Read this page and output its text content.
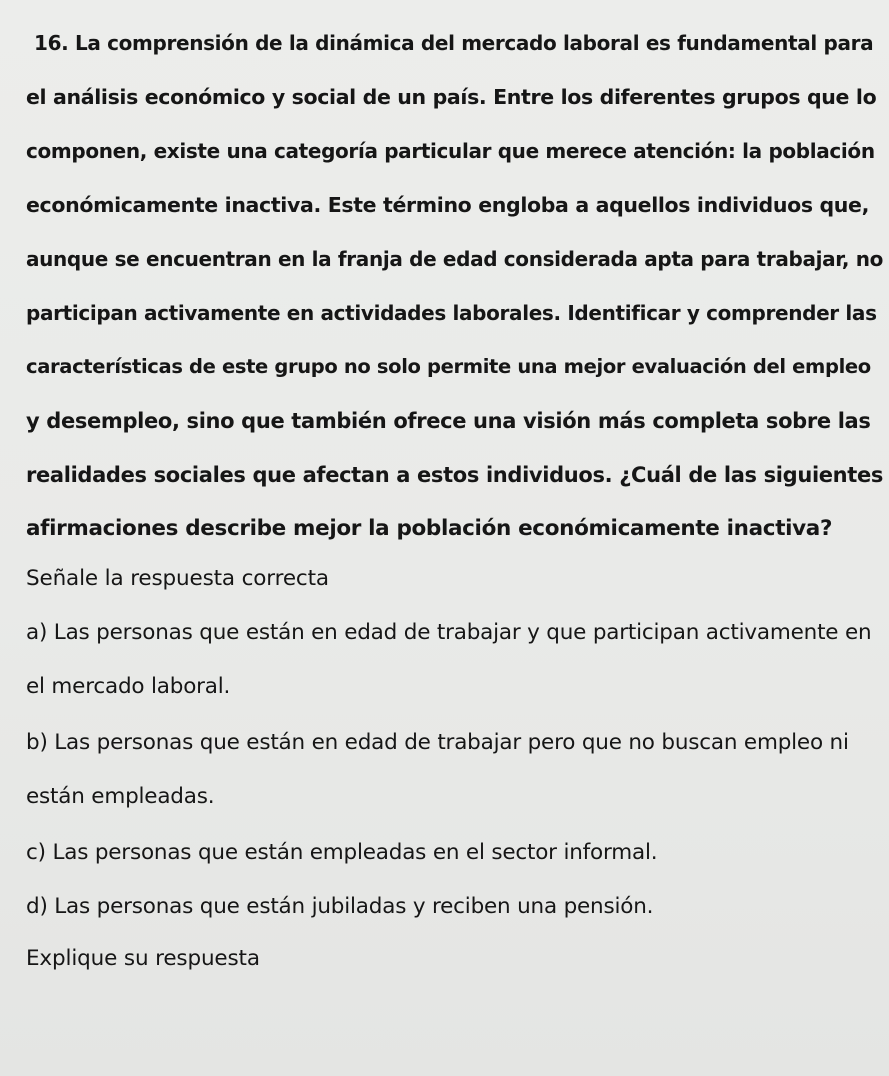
16. La comprensión de la dinámica del mercado laboral es fundamental para
el análisis económico y social de un país. Entre los diferentes grupos que lo
componen, existe una categoría particular que merece atención: la población
económicamente inactiva. Este término engloba a aquellos individuos que,
aunque se encuentran en la franja de edad considerada apta para trabajar, no
participan activamente en actividades laborales. Identificar y comprender las
características de este grupo no solo permite una mejor evaluación del empleo
y desempleo, sino que también ofrece una visión más completa sobre las
realidades sociales que afectan a estos individuos. ¿Cuál de las siguientes
afirmaciones describe mejor la población económicamente inactiva?
Señale la respuesta correcta
a) Las personas que están en edad de trabajar y que participan activamente en
el mercado laboral.
b) Las personas que están en edad de trabajar pero que no buscan empleo ni
están empleadas.
c) Las personas que están empleadas en el sector informal.
d) Las personas que están jubiladas y reciben una pensión.
Explique su respuesta
